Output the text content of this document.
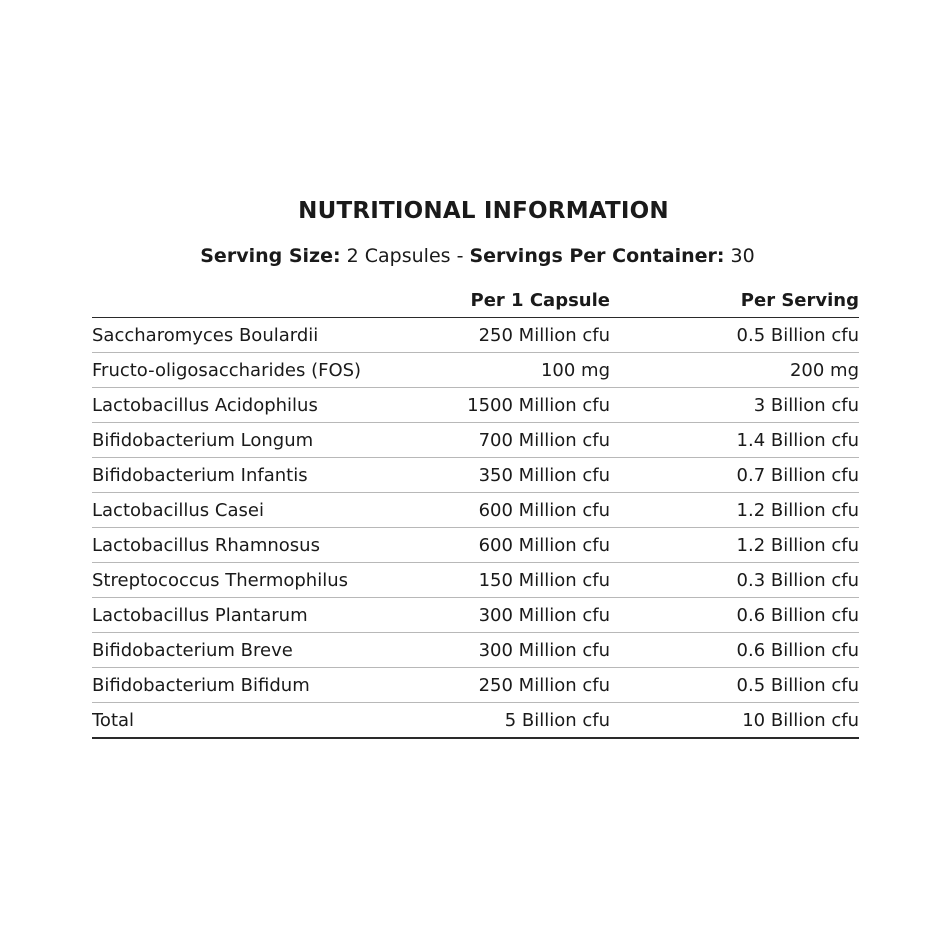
NUTRITIONAL INFORMATION
Serving Size: 2 Capsules - Servings Per Container: 30
	Per 1 Capsule	Per Serving
Saccharomyces Boulardii	250 Million cfu	0.5 Billion cfu
Fructo-oligosaccharides (FOS)	100 mg	200 mg
Lactobacillus Acidophilus	1500 Million cfu	3 Billion cfu
Bifidobacterium Longum	700 Million cfu	1.4 Billion cfu
Bifidobacterium Infantis	350 Million cfu	0.7 Billion cfu
Lactobacillus Casei	600 Million cfu	1.2 Billion cfu
Lactobacillus Rhamnosus	600 Million cfu	1.2 Billion cfu
Streptococcus Thermophilus	150 Million cfu	0.3 Billion cfu
Lactobacillus Plantarum	300 Million cfu	0.6 Billion cfu
Bifidobacterium Breve	300 Million cfu	0.6 Billion cfu
Bifidobacterium Bifidum	250 Million cfu	0.5 Billion cfu
Total	5 Billion cfu	10 Billion cfu
